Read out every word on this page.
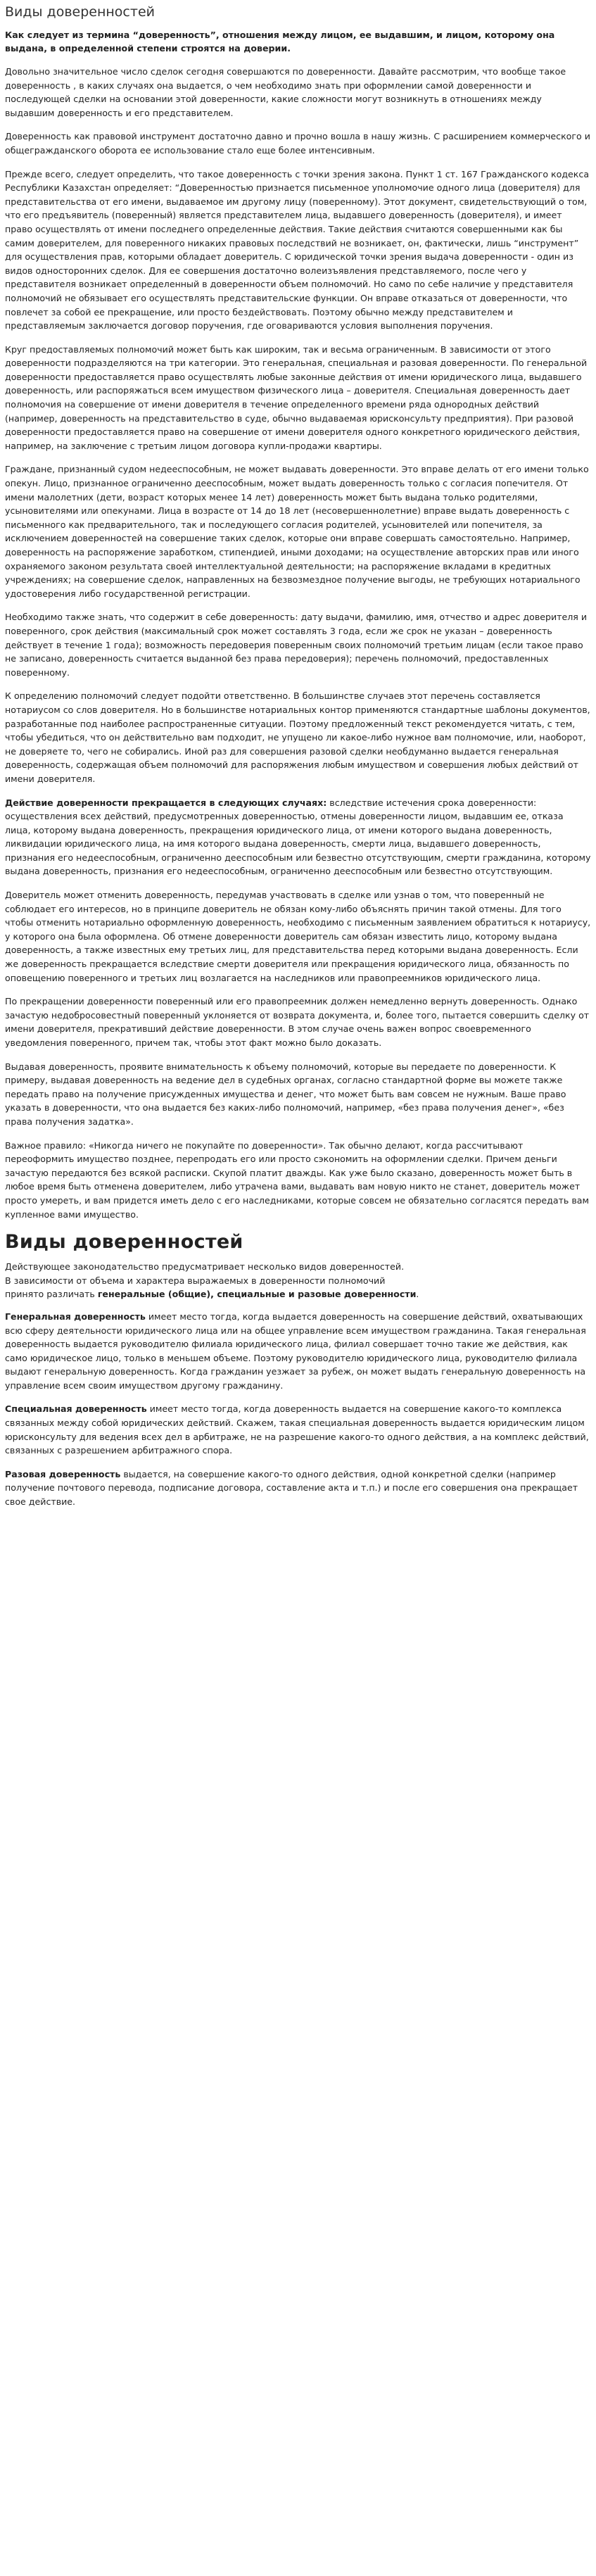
Виды доверенностей
Как следует из термина “доверенность”, отношения между лицом, ее выдавшим, и лицом, которому она выдана, в определенной степени строятся на доверии.

Довольно значительное число сделок сегодня совершаются по доверенности. Давайте рассмотрим, что вообще такое доверенность , в каких случаях она выдается, о чем необходимо знать при оформлении самой доверенности и последующей сделки на основании этой доверенности, какие сложности могут возникнуть в отношениях между выдавшим доверенность и его представителем.

Доверенность как правовой инструмент достаточно давно и прочно вошла в нашу жизнь. С расширением коммерческого и общегражданского оборота ее использование стало еще более интенсивным.

Прежде всего, следует определить, что такое доверенность с точки зрения закона. Пункт 1 ст. 167 Гражданского кодекса Республики Казахстан определяет: “Доверенностью признается письменное уполномочие одного лица (доверителя) для представительства от его имени, выдаваемое им другому лицу (поверенному). Этот документ, свидетельствующий о том, что его предъявитель (поверенный) является представителем лица, выдавшего доверенность (доверителя), и имеет право осуществлять от имени последнего определенные действия. Такие действия считаются совершенными как бы самим доверителем, для поверенного никаких правовых последствий не возникает, он, фактически, лишь “инструмент” для осуществления прав, которыми обладает доверитель. С юридической точки зрения выдача доверенности - один из видов односторонних сделок. Для ее совершения достаточно волеизъявления представляемого, после чего у представителя возникает определенный в доверенности объем полномочий. Но само по себе наличие у представителя полномочий не обязывает его осуществлять представительские функции. Он вправе отказаться от доверенности, что повлечет за собой ее прекращение, или просто бездействовать. Поэтому обычно между представителем и представляемым заключается договор поручения, где оговариваются условия выполнения поручения.

Круг предоставляемых полномочий может быть как широким, так и весьма ограниченным. В зависимости от этого доверенности подразделяются на три категории. Это генеральная, специальная и разовая доверенности. По генеральной доверенности предоставляется право осуществлять любые законные действия от имени юридического лица, выдавшего доверенность, или распоряжаться всем имуществом физического лица – доверителя. Специальная доверенность дает полномочия на совершение от имени доверителя в течение определенного времени ряда однородных действий (например, доверенность на представительство в суде, обычно выдаваемая юрисконсульту предприятия). При разовой доверенности предоставляется право на совершение от имени доверителя одного конкретного юридического действия, например, на заключение с третьим лицом договора купли-продажи квартиры.

Граждане, признанный судом недееспособным, не может выдавать доверенности. Это вправе делать от его имени только опекун. Лицо, признанное ограниченно дееспособным, может выдать доверенность только с согласия попечителя. От имени малолетних (дети, возраст которых менее 14 лет) доверенность может быть выдана только родителями, усыновителями или опекунами. Лица в возрасте от 14 до 18 лет (несовершеннолетние) вправе выдать доверенность с письменного как предварительного, так и последующего согласия родителей, усыновителей или попечителя, за исключением доверенностей на совершение таких сделок, которые они вправе совершать самостоятельно. Например, доверенность на распоряжение заработком, стипендией, иными доходами; на осуществление авторских прав или иного охраняемого законом результата своей интеллектуальной деятельности; на распоряжение вкладами в кредитных учреждениях; на совершение сделок, направленных на безвозмездное получение выгоды, не требующих нотариального удостоверения либо государственной регистрации.

Необходимо также знать, что содержит в себе доверенность: дату выдачи, фамилию, имя, отчество и адрес доверителя и поверенного, срок действия (максимальный срок может составлять 3 года, если же срок не указан – доверенность действует в течение 1 года); возможность передоверия поверенным своих полномочий третьим лицам (если такое право не записано, доверенность считается выданной без права передоверия); перечень полномочий, предоставленных поверенному.

К определению полномочий следует подойти ответственно. В большинстве случаев этот перечень составляется нотариусом со слов доверителя. Но в большинстве нотариальных контор применяются стандартные шаблоны документов, разработанные под наиболее распространенные ситуации. Поэтому предложенный текст рекомендуется читать, с тем, чтобы убедиться, что он действительно вам подходит, не упущено ли какое-либо нужное вам полномочие, или, наоборот, не доверяете то, чего не собирались. Иной раз для совершения разовой сделки необдуманно выдается генеральная доверенность, содержащая объем полномочий для распоряжения любым имуществом и совершения любых действий от имени доверителя.

Действие доверенности прекращается в следующих случаях: вследствие истечения срока доверенности: осуществления всех действий, предусмотренных доверенностью, отмены доверенности лицом, выдавшим ее, отказа лица, которому выдана доверенность, прекращения юридического лица, от имени которого выдана доверенность, ликвидации юридического лица, на имя которого выдана доверенность, смерти лица, выдавшего доверенность, признания его недееспособным, ограниченно дееспособным или безвестно отсутствующим, смерти гражданина, которому выдана доверенность, признания его недееспособным, ограниченно дееспособным или безвестно отсутствующим.

Доверитель может отменить доверенность, передумав участвовать в сделке или узнав о том, что поверенный не соблюдает его интересов, но в принципе доверитель не обязан кому-либо объяснять причин такой отмены. Для того чтобы отменить нотариально оформленную доверенность, необходимо с письменным заявлением обратиться к нотариусу, у которого она была оформлена. Об отмене доверенности доверитель сам обязан известить лицо, которому выдана доверенность, а также известных ему третьих лиц, для представительства перед которыми выдана доверенность. Если же доверенность прекращается вследствие смерти доверителя или прекращения юридического лица, обязанность по оповещению поверенного и третьих лиц возлагается на наследников или правопреемников юридического лица.

По прекращении доверенности поверенный или его правопреемник должен немедленно вернуть доверенность. Однако зачастую недобросовестный поверенный уклоняется от возврата документа, и, более того, пытается совершить сделку от имени доверителя, прекративший действие доверенности. В этом случае очень важен вопрос своевременного уведомления поверенного, причем так, чтобы этот факт можно было доказать.

Выдавая доверенность, проявите внимательность к объему полномочий, которые вы передаете по доверенности. К примеру, выдавая доверенность на ведение дел в судебных органах, согласно стандартной форме вы можете также передать право на получение присужденных имущества и денег, что может быть вам совсем не нужным. Ваше право указать в доверенности, что она выдается без каких-либо полномочий, например, «без права получения денег», «без права получения задатка».

Важное правило: «Никогда ничего не покупайте по доверенности». Так обычно делают, когда рассчитывают переоформить имущество позднее, перепродать его или просто сэкономить на оформлении сделки. Причем деньги зачастую передаются без всякой расписки. Скупой платит дважды. Как уже было сказано, доверенность может быть в любое время быть отменена доверителем, либо утрачена вами, выдавать вам новую никто не станет, доверитель может просто умереть, и вам придется иметь дело с его наследниками, которые совсем не обязательно согласятся передать вам купленное вами имущество.

Виды доверенностей

Действующее законодательство предусматривает несколько видов доверенностей.
В зависимости от объема и характера выражаемых в доверенности полномочий
принято различать генеральные (общие), специальные и разовые доверенности.

Генеральная доверенность имеет место тогда, когда выдается доверенность на совершение действий, охватывающих всю сферу деятельности юридического лица или на общее управление всем имуществом гражданина. Такая генеральная доверенность выдается руководителю филиала юридического лица, филиал совершает точно такие же действия, как само юридическое лицо, только в меньшем объеме. Поэтому руководителю юридического лица, руководителю филиала выдают генеральную доверенность. Когда гражданин уезжает за рубеж, он может выдать генеральную доверенность на управление всем своим имуществом другому гражданину.

Специальная доверенность имеет место тогда, когда доверенность выдается на совершение какого-то комплекса связанных между собой юридических действий. Скажем, такая специальная доверенность выдается юридическим лицом юрисконсульту для ведения всех дел в арбитраже, не на разрешение какого-то одного действия, а на комплекс действий, связанных с разрешением арбитражного спора.

Разовая доверенность выдается, на совершение какого-то одного действия, одной конкретной сделки (например получение почтового перевода, подписание договора, составление акта и т.п.) и после его совершения она прекращает свое действие.
